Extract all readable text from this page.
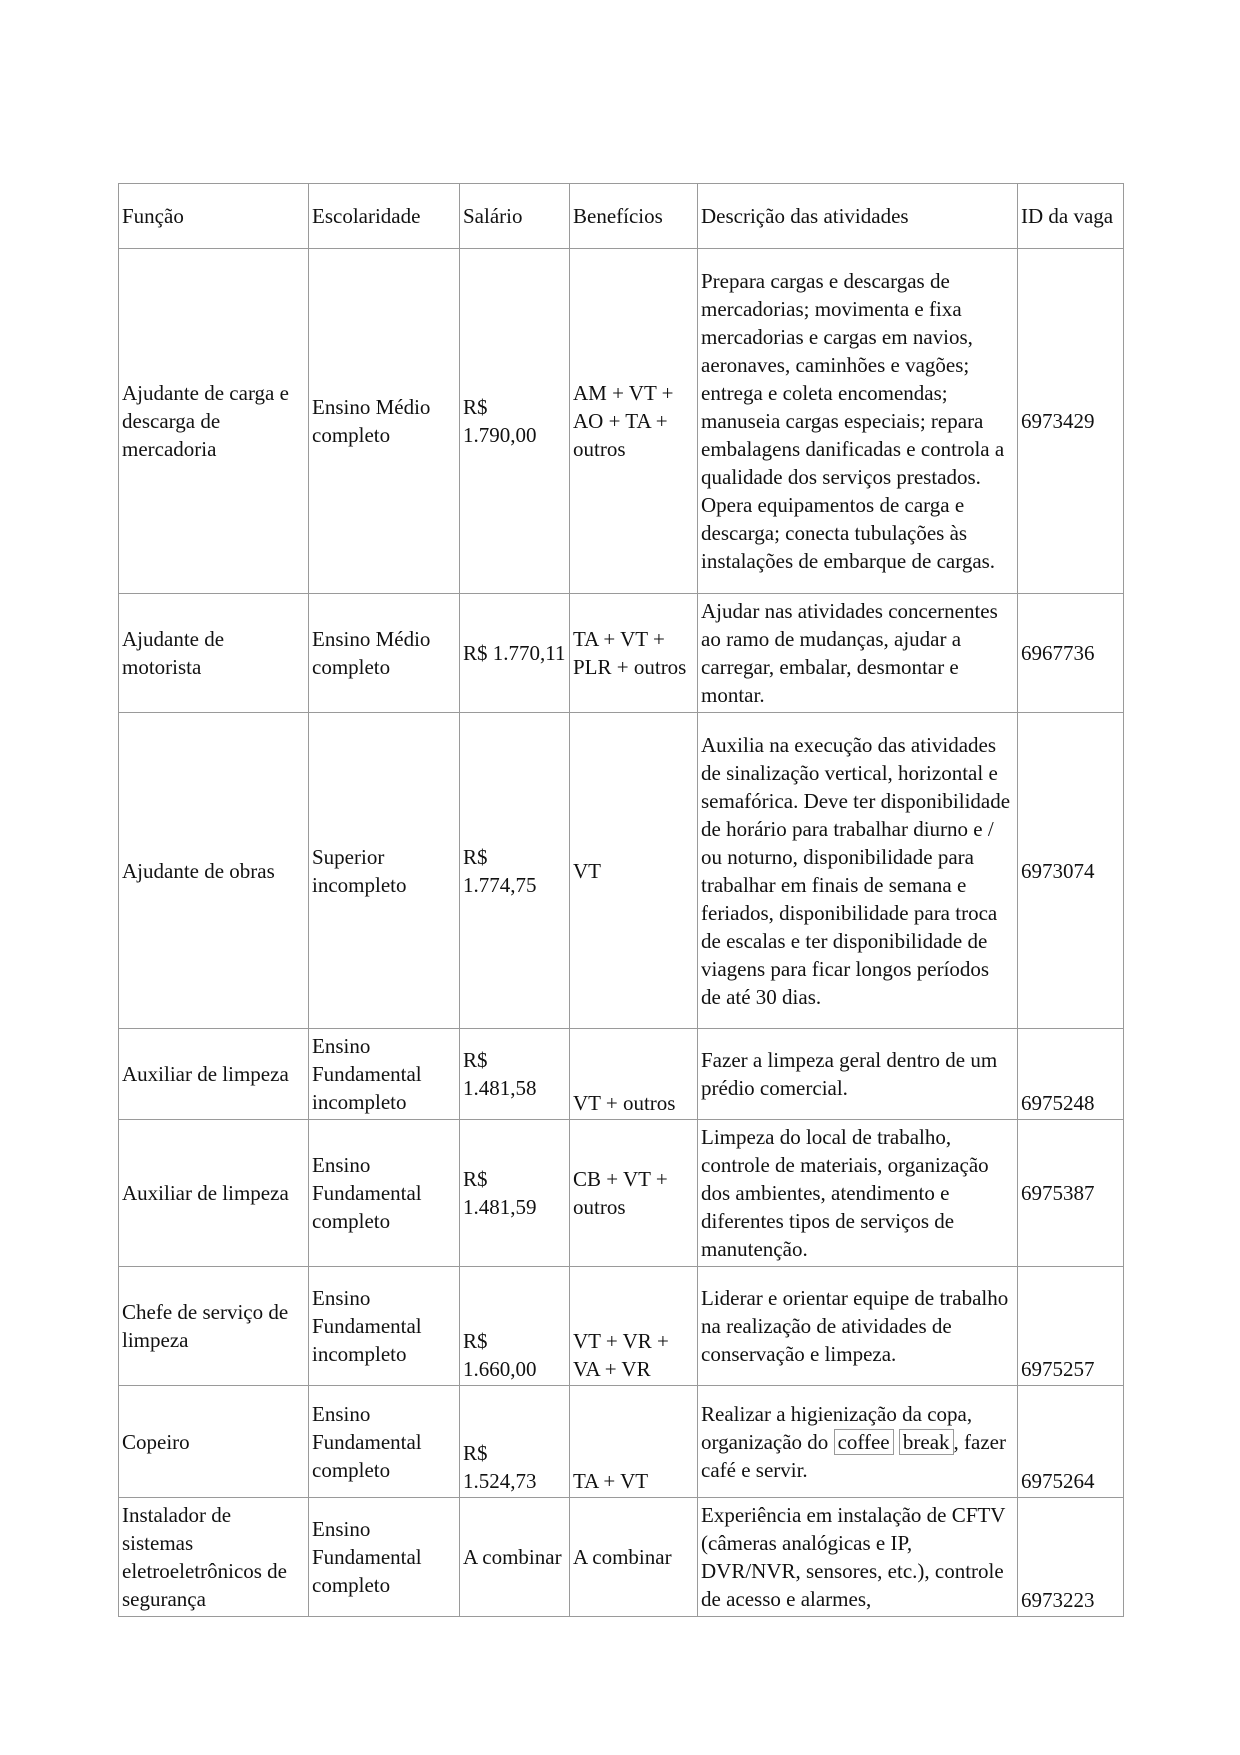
Função	Escolaridade	Salário	Benefícios	Descrição das atividades	ID da vaga
Ajudante de carga e descarga de mercadoria	Ensino Médio completo	R$ 1.790,00	AM + VT + AO + TA + outros	Prepara cargas e descargas de mercadorias; movimenta e fixa mercadorias e cargas em navios, aeronaves, caminhões e vagões; entrega e coleta encomendas; manuseia cargas especiais; repara embalagens danificadas e controla a qualidade dos serviços prestados. Opera equipamentos de carga e descarga; conecta tubulações às instalações de embarque de cargas.	6973429
Ajudante de motorista	Ensino Médio completo	R$ 1.770,11	TA + VT + PLR + outros	Ajudar nas atividades concernentes ao ramo de mudanças, ajudar a carregar, embalar, desmontar e montar.	6967736
Ajudante de obras	Superior incompleto	R$ 1.774,75	VT	Auxilia na execução das atividades de sinalização vertical, horizontal e semafórica. Deve ter disponibilidade de horário para trabalhar diurno e / ou noturno, disponibilidade para trabalhar em finais de semana e feriados, disponibilidade para troca de escalas e ter disponibilidade de viagens para ficar longos períodos de até 30 dias.	6973074
Auxiliar de limpeza	Ensino Fundamental incompleto	R$ 1.481,58	VT + outros	Fazer a limpeza geral dentro de um prédio comercial.	6975248
Auxiliar de limpeza	Ensino Fundamental completo	R$ 1.481,59	CB + VT + outros	Limpeza do local de trabalho, controle de materiais, organização dos ambientes, atendimento e diferentes tipos de serviços de manutenção.	6975387
Chefe de serviço de limpeza	Ensino Fundamental incompleto	R$ 1.660,00	VT + VR + VA + VR	Liderar e orientar equipe de trabalho na realização de atividades de conservação e limpeza.	6975257
Copeiro	Ensino Fundamental completo	R$ 1.524,73	TA + VT	Realizar a higienização da copa, organização do coffee break , fazer café e servir.	6975264
Instalador de sistemas eletroeletrônicos de segurança	Ensino Fundamental completo	A combinar	A combinar	Experiência em instalação de CFTV (câmeras analógicas e IP, DVR/NVR, sensores, etc.), controle de acesso e alarmes,	6973223
